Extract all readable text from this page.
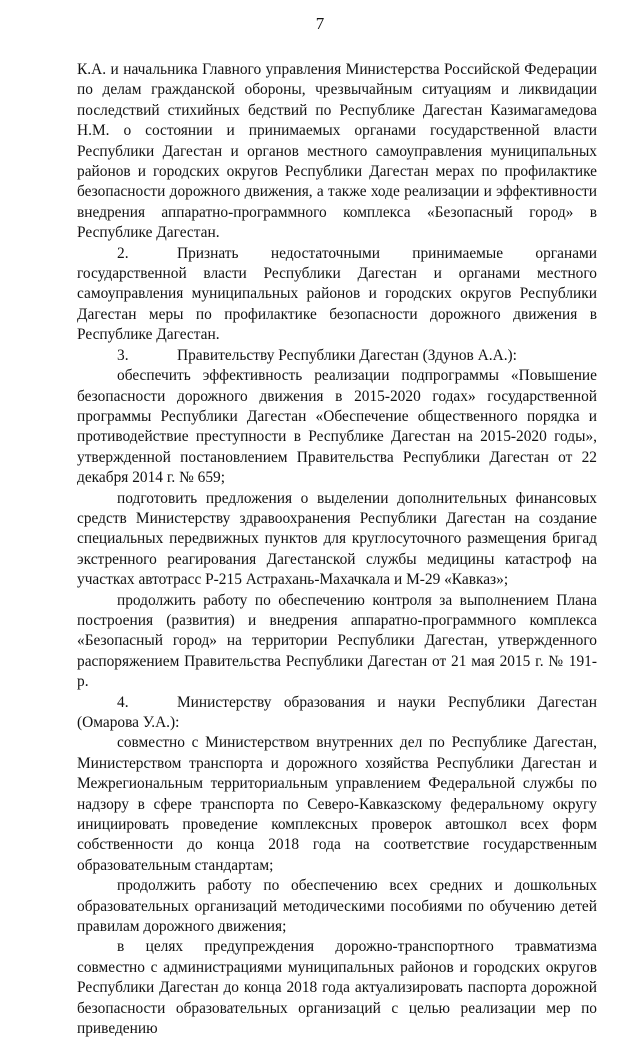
7

К.А. и начальника Главного управления Министерства Российской Федерации по делам гражданской обороны, чрезвычайным ситуациям и ликвидации последствий стихийных бедствий по Республике Дагестан Казимагамедова Н.М. о состоянии и принимаемых органами государственной власти Республики Дагестан и органов местного самоуправления муниципальных районов и городских округов Республики Дагестан мерах по профилактике безопасности дорожного движения, а также ходе реализации и эффективности внедрения аппаратно-программного комплекса «Безопасный город» в Республике Дагестан.

2.	Признать недостаточными принимаемые органами государственной власти Республики Дагестан и органами местного самоуправления муниципальных районов и городских округов Республики Дагестан меры по профилактике безопасности дорожного движения в Республике Дагестан.

3.	Правительству Республики Дагестан (Здунов А.А.):

обеспечить эффективность реализации подпрограммы «Повышение безопасности дорожного движения в 2015-2020 годах» государственной программы Республики Дагестан «Обеспечение общественного порядка и противодействие преступности в Республике Дагестан на 2015-2020 годы», утвержденной постановлением Правительства Республики Дагестан от 22 декабря 2014 г. № 659;

подготовить предложения о выделении дополнительных финансовых средств Министерству здравоохранения Республики Дагестан на создание специальных передвижных пунктов для круглосуточного размещения бригад экстренного реагирования Дагестанской службы медицины катастроф на участках автотрасс Р-215 Астрахань-Махачкала и М-29 «Кавказ»;

продолжить работу по обеспечению контроля за выполнением Плана построения (развития) и внедрения аппаратно-программного комплекса «Безопасный город» на территории Республики Дагестан, утвержденного распоряжением Правительства Республики Дагестан от 21 мая 2015 г. № 191-р.

4.	Министерству образования и науки Республики Дагестан (Омарова У.А.):

совместно с Министерством внутренних дел по Республике Дагестан, Министерством транспорта и дорожного хозяйства Республики Дагестан и Межрегиональным территориальным управлением Федеральной службы по надзору в сфере транспорта по Северо-Кавказскому федеральному округу инициировать проведение комплексных проверок автошкол всех форм собственности до конца 2018 года на соответствие государственным образовательным стандартам;

продолжить работу по обеспечению всех средних и дошкольных образовательных организаций методическими пособиями по обучению детей правилам дорожного движения;

в целях предупреждения дорожно-транспортного травматизма совместно с администрациями муниципальных районов и городских округов Республики Дагестан до конца 2018 года актуализировать паспорта дорожной безопасности образовательных организаций с целью реализации мер по приведению
